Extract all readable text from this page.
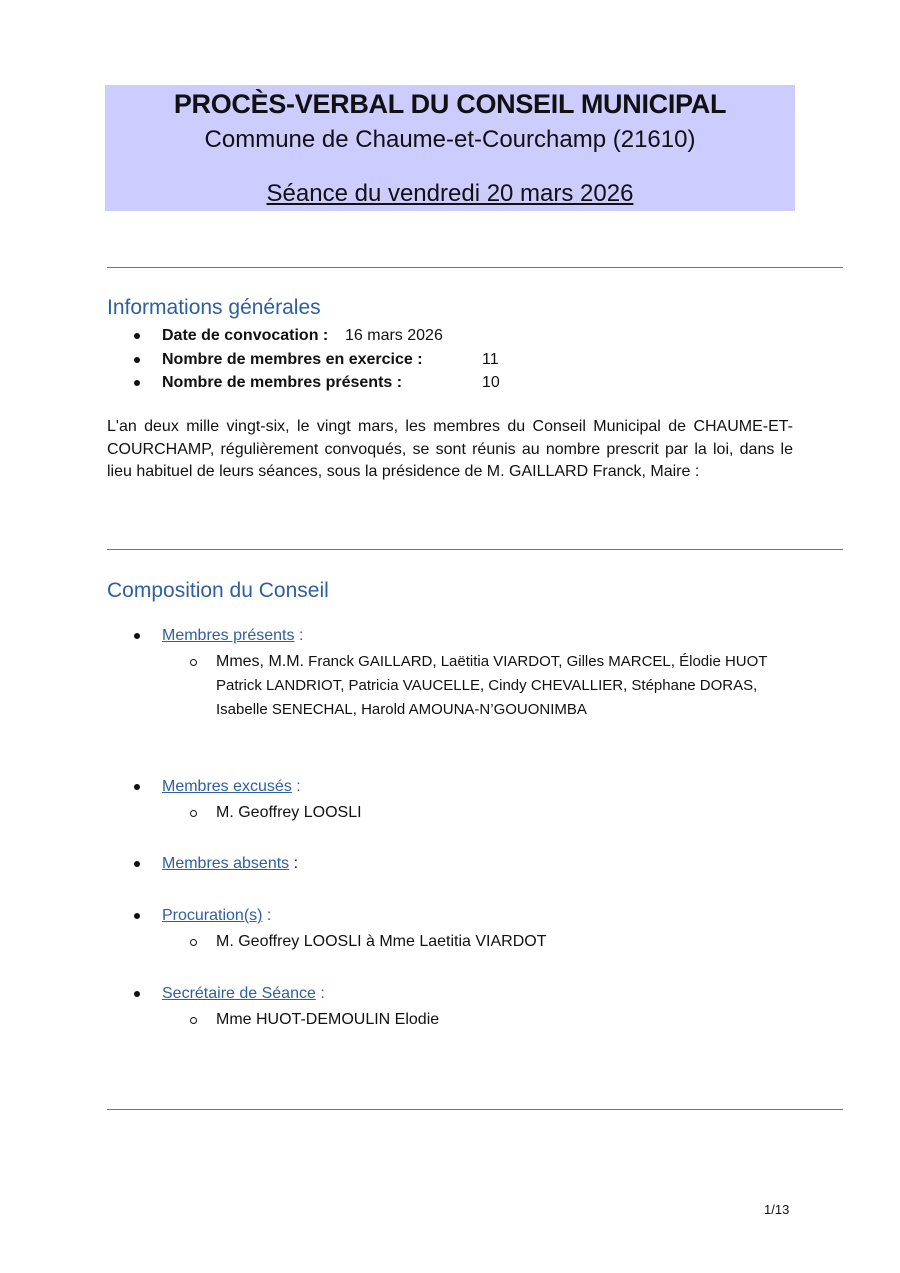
PROCÈS-VERBAL DU CONSEIL MUNICIPAL
Commune de Chaume-et-Courchamp (21610)
Séance du vendredi 20 mars 2026
Informations générales
Date de convocation : 16 mars 2026
Nombre de membres en exercice :	11
Nombre de membres présents :	10

L'an deux mille vingt-six, le vingt mars, les membres du Conseil Municipal de CHAUME-ET-COURCHAMP, régulièrement convoqués, se sont réunis au nombre prescrit par la loi, dans le lieu habituel de leurs séances, sous la présidence de M. GAILLARD Franck, Maire :

Composition du Conseil
Membres présents :
Mmes, M.M. Franck GAILLARD, Laëtitia VIARDOT, Gilles MARCEL, Élodie HUOT Patrick LANDRIOT, Patricia VAUCELLE, Cindy CHEVALLIER, Stéphane DORAS, Isabelle SENECHAL, Harold AMOUNA-N’GOUONIMBA
Membres excusés :
M. Geoffrey LOOSLI
Membres absents :
Procuration(s) :
M. Geoffrey LOOSLI à Mme Laetitia VIARDOT
Secrétaire de Séance :
Mme HUOT-DEMOULIN Elodie
1/13
